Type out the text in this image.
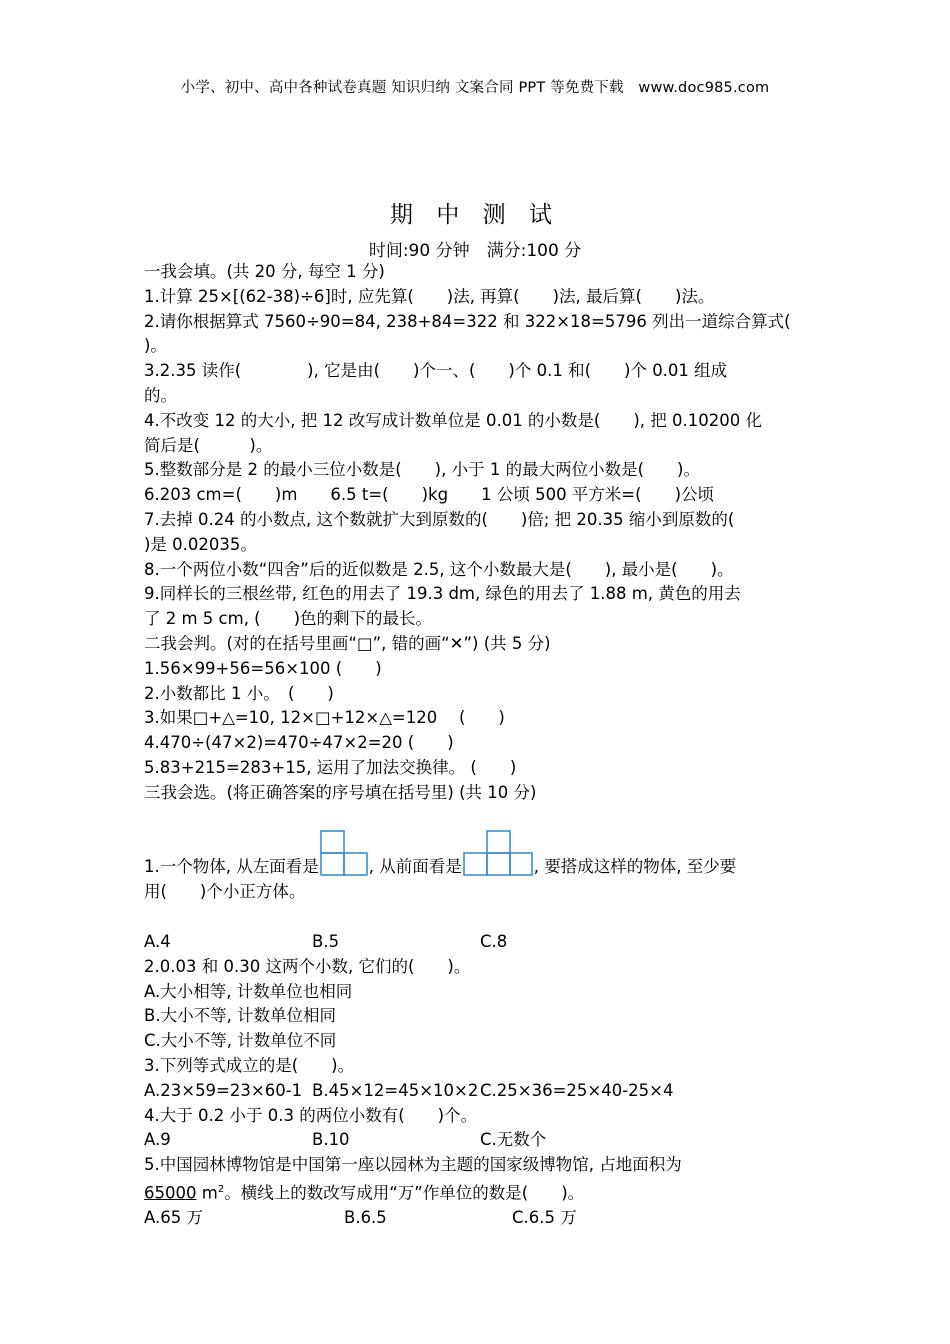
小学、初中、高中各种试卷真题 知识归纳 文案合同 PPT 等免费下载　www.doc985.com
期 中 测 试
时间:90 分钟　满分:100 分
一我会填。(共 20 分, 每空 1 分)
1.计算 25×[(62-38)÷6]时, 应先算(　　)法, 再算(　　)法, 最后算(　　)法。
2.请你根据算式 7560÷90=84, 238+84=322 和 322×18=5796 列出一道综合算式(
)。
3.2.35 读作(　　　　), 它是由(　　)个一、(　　)个 0.1 和(　　)个 0.01 组成
的。
4.不改变 12 的大小, 把 12 改写成计数单位是 0.01 的小数是(　　), 把 0.10200 化
简后是(　　　)。
5.整数部分是 2 的最小三位小数是(　　), 小于 1 的最大两位小数是(　　)。
6.203 cm=(　　)m　　6.5 t=(　　)kg　　1 公顷 500 平方米=(　　)公顷
7.去掉 0.24 的小数点, 这个数就扩大到原数的(　　)倍; 把 20.35 缩小到原数的(
)是 0.02035。
8.一个两位小数“四舍”后的近似数是 2.5, 这个小数最大是(　　), 最小是(　　)。
9.同样长的三根丝带, 红色的用去了 19.3 dm, 绿色的用去了 1.88 m, 黄色的用去
了 2 m 5 cm, (　　)色的剩下的最长。
二我会判。(对的在括号里画“□”, 错的画“✕”) (共 5 分)
1.56×99+56=56×100 (　　)
2.小数都比 1 小。　(　　)
3.如果□+△=10, 12×□+12×△=120　 (　　)
4.470÷(47×2)=470÷47×2=20 (　　)
5.83+215=283+15, 运用了加法交换律。 (　　)
三我会选。(将正确答案的序号填在括号里) (共 10 分)
1.一个物体, 从左面看是	, 从前面看是	, 要搭成这样的物体, 至少要
用(　　)个小正方体。
A.4	B.5	C.8
2.0.03 和 0.30 这两个小数, 它们的(　　)。
A.大小相等, 计数单位也相同
B.大小不等, 计数单位相同
C.大小不等, 计数单位不同
3.下列等式成立的是(　　)。
A.23×59=23×60-1 B.45×12=45×10×2 C.25×36=25×40-25×4
4.大于 0.2 小于 0.3 的两位小数有(　　)个。
A.9	B.10	C.无数个
5.中国园林博物馆是中国第一座以园林为主题的国家级博物馆, 占地面积为
65000 $m^2$。横线上的数改写成用“万”作单位的数是(　　)。
A.65 万	B.6.5	C.6.5 万
